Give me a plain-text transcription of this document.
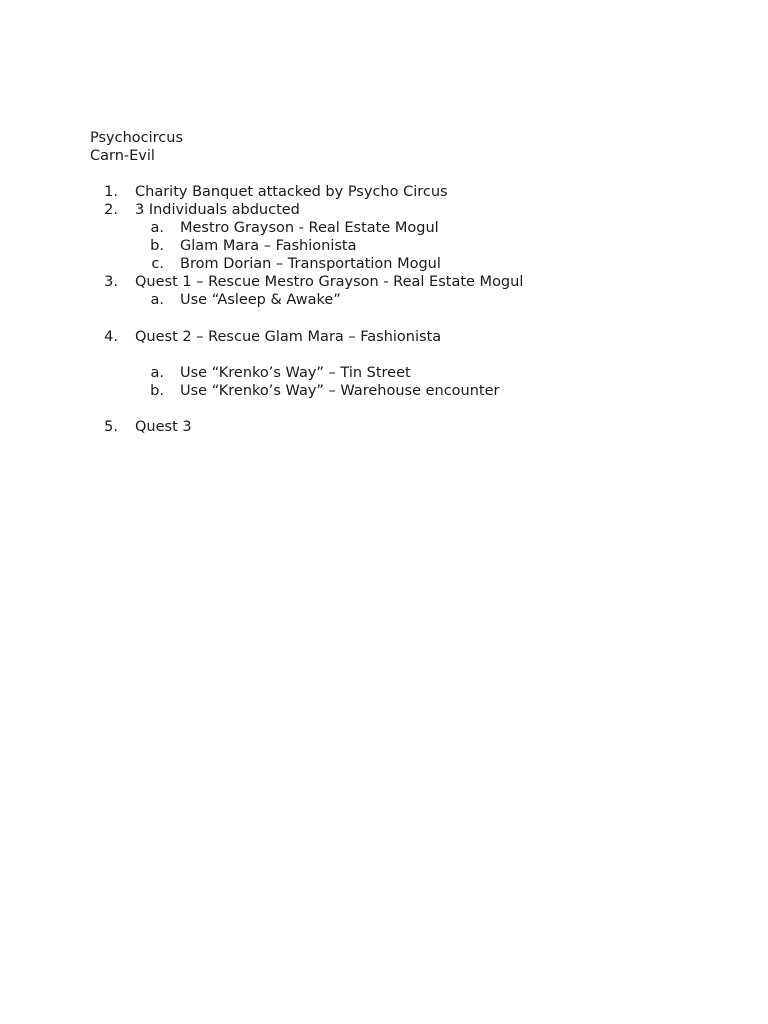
Psychocircus
Carn-Evil
1. Charity Banquet attacked by Psycho Circus
2. 3 Individuals abducted
a. Mestro Grayson - Real Estate Mogul
b. Glam Mara – Fashionista
c. Brom Dorian – Transportation Mogul
3. Quest 1 – Rescue Mestro Grayson - Real Estate Mogul
a. Use “Asleep & Awake”
4. Quest 2 – Rescue Glam Mara – Fashionista
a. Use “Krenko’s Way” – Tin Street
b. Use “Krenko’s Way” – Warehouse encounter
5. Quest 3
